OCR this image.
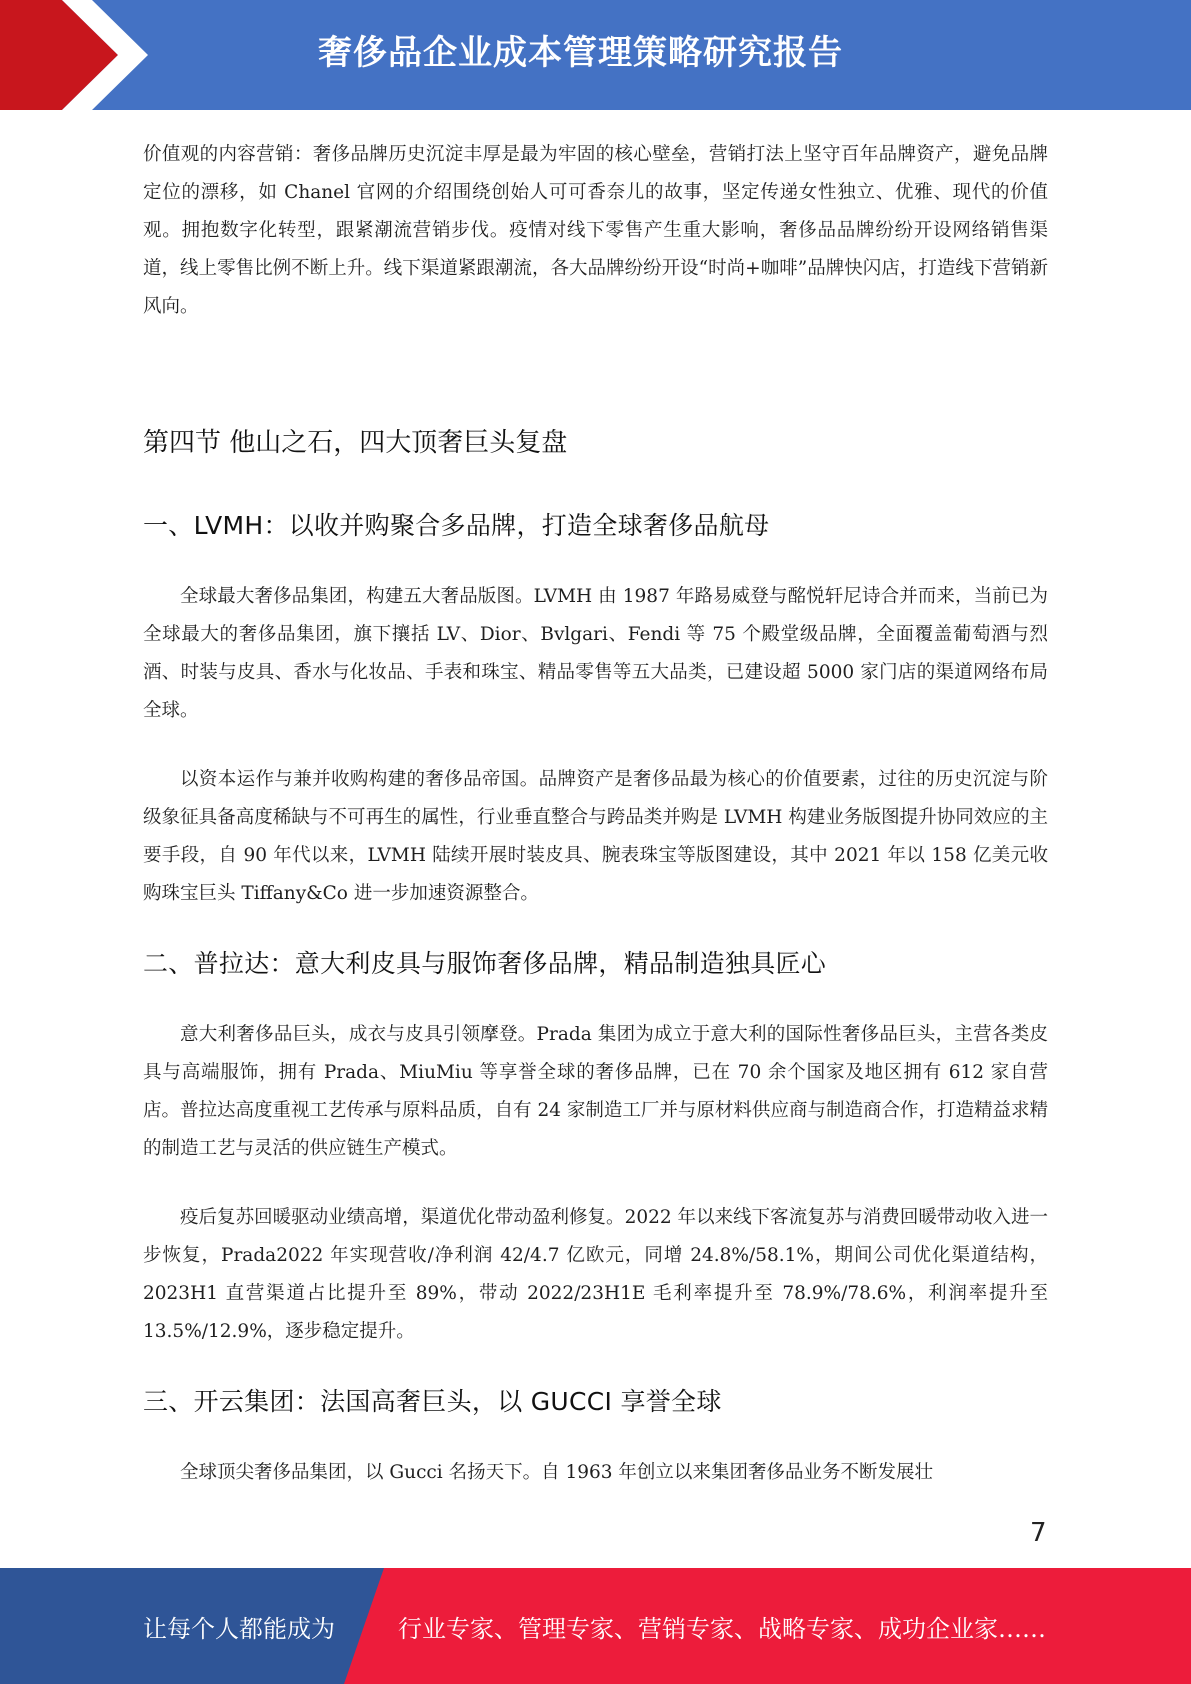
奢侈品企业成本管理策略研究报告

价值观的内容营销：奢侈品牌历史沉淀丰厚是最为牢固的核心壁垒，营销打法上坚守百年品牌资产，避免品牌定位的漂移，如 Chanel 官网的介绍围绕创始人可可香奈儿的故事，坚定传递女性独立、优雅、现代的价值观。拥抱数字化转型，跟紧潮流营销步伐。疫情对线下零售产生重大影响，奢侈品品牌纷纷开设网络销售渠道，线上零售比例不断上升。线下渠道紧跟潮流，各大品牌纷纷开设“时尚+咖啡”品牌快闪店，打造线下营销新风向。

第四节 他山之石，四大顶奢巨头复盘
一、LVMH：以收并购聚合多品牌，打造全球奢侈品航母

全球最大奢侈品集团，构建五大奢品版图。LVMH 由 1987 年路易威登与酩悦轩尼诗合并而来，当前已为全球最大的奢侈品集团，旗下攘括 LV、Dior、Bvlgari、Fendi 等 75 个殿堂级品牌，全面覆盖葡萄酒与烈酒、时装与皮具、香水与化妆品、手表和珠宝、精品零售等五大品类，已建设超 5000 家门店的渠道网络布局全球。

以资本运作与兼并收购构建的奢侈品帝国。品牌资产是奢侈品最为核心的价值要素，过往的历史沉淀与阶级象征具备高度稀缺与不可再生的属性，行业垂直整合与跨品类并购是 LVMH 构建业务版图提升协同效应的主要手段，自 90 年代以来，LVMH 陆续开展时装皮具、腕表珠宝等版图建设，其中 2021 年以 158 亿美元收购珠宝巨头 Tiffany&Co 进一步加速资源整合。

二、普拉达：意大利皮具与服饰奢侈品牌，精品制造独具匠心

意大利奢侈品巨头，成衣与皮具引领摩登。Prada 集团为成立于意大利的国际性奢侈品巨头，主营各类皮具与高端服饰，拥有 Prada、MiuMiu 等享誉全球的奢侈品牌，已在 70 余个国家及地区拥有 612 家自营店。普拉达高度重视工艺传承与原料品质，自有 24 家制造工厂并与原材料供应商与制造商合作，打造精益求精的制造工艺与灵活的供应链生产模式。

疫后复苏回暖驱动业绩高增，渠道优化带动盈利修复。2022 年以来线下客流复苏与消费回暖带动收入进一步恢复，Prada2022 年实现营收/净利润 42/4.7 亿欧元，同增 24.8%/58.1%，期间公司优化渠道结构，2023H1 直营渠道占比提升至 89%，带动 2022/23H1E 毛利率提升至 78.9%/78.6%，利润率提升至 13.5%/12.9%，逐步稳定提升。

三、开云集团：法国高奢巨头，以 GUCCI 享誉全球

全球顶尖奢侈品集团，以 Gucci 名扬天下。自 1963 年创立以来集团奢侈品业务不断发展壮

7
让每个人都能成为	行业专家、管理专家、营销专家、战略专家、成功企业家……
